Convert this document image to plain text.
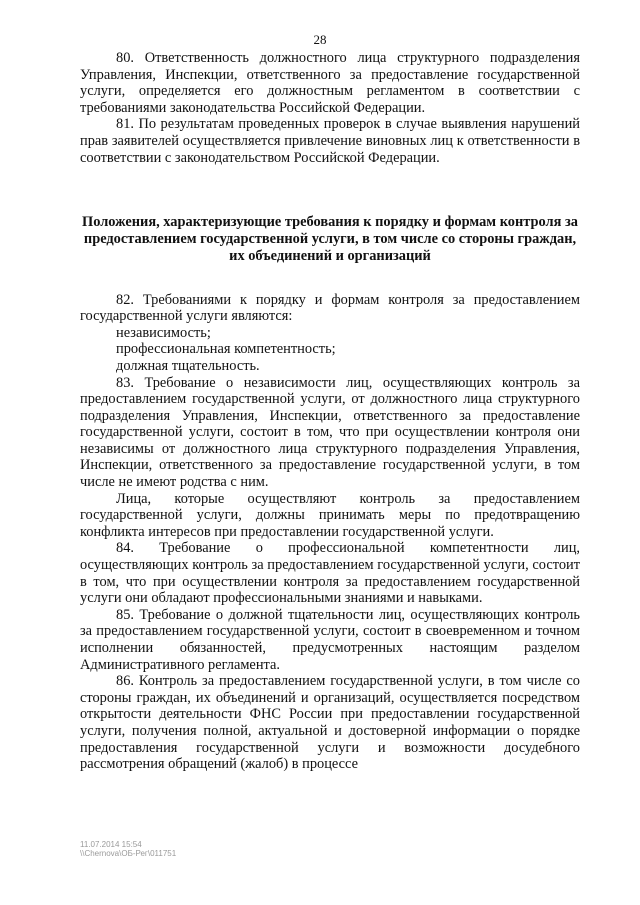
28

80. Ответственность должностного лица структурного подразделения Управления, Инспекции, ответственного за предоставление государственной услуги, определяется его должностным регламентом в соответствии с требованиями законодательства Российской Федерации.

81. По результатам проведенных проверок в случае выявления нарушений прав заявителей осуществляется привлечение виновных лиц к ответственности в соответствии с законодательством Российской Федерации.

Положения, характеризующие требования к порядку и формам контроля за предоставлением государственной услуги, в том числе со стороны граждан, их объединений и организаций

82. Требованиями к порядку и формам контроля за предоставлением государственной услуги являются:

независимость;

профессиональная компетентность;

должная тщательность.

83. Требование о независимости лиц, осуществляющих контроль за предоставлением государственной услуги, от должностного лица структурного подразделения Управления, Инспекции, ответственного за предоставление государственной услуги, состоит в том, что при осуществлении контроля они независимы от должностного лица структурного подразделения Управления, Инспекции, ответственного за предоставление государственной услуги, в том числе не имеют родства с ним.

Лица, которые осуществляют контроль за предоставлением государственной услуги, должны принимать меры по предотвращению конфликта интересов при предоставлении государственной услуги.

84. Требование о профессиональной компетентности лиц, осуществляющих контроль за предоставлением государственной услуги, состоит в том, что при осуществлении контроля за предоставлением государственной услуги они обладают профессиональными знаниями и навыками.

85. Требование о должной тщательности лиц, осуществляющих контроль за предоставлением государственной услуги, состоит в своевременном и точном исполнении обязанностей, предусмотренных настоящим разделом Административного регламента.

86. Контроль за предоставлением государственной услуги, в том числе со стороны граждан, их объединений и организаций, осуществляется посредством открытости деятельности ФНС России при предоставлении государственной услуги, получения полной, актуальной и достоверной информации о порядке предоставления государственной услуги и возможности досудебного рассмотрения обращений (жалоб) в процессе

11.07.2014 15:54
\\Chernova\ОБ-Рег\011751
